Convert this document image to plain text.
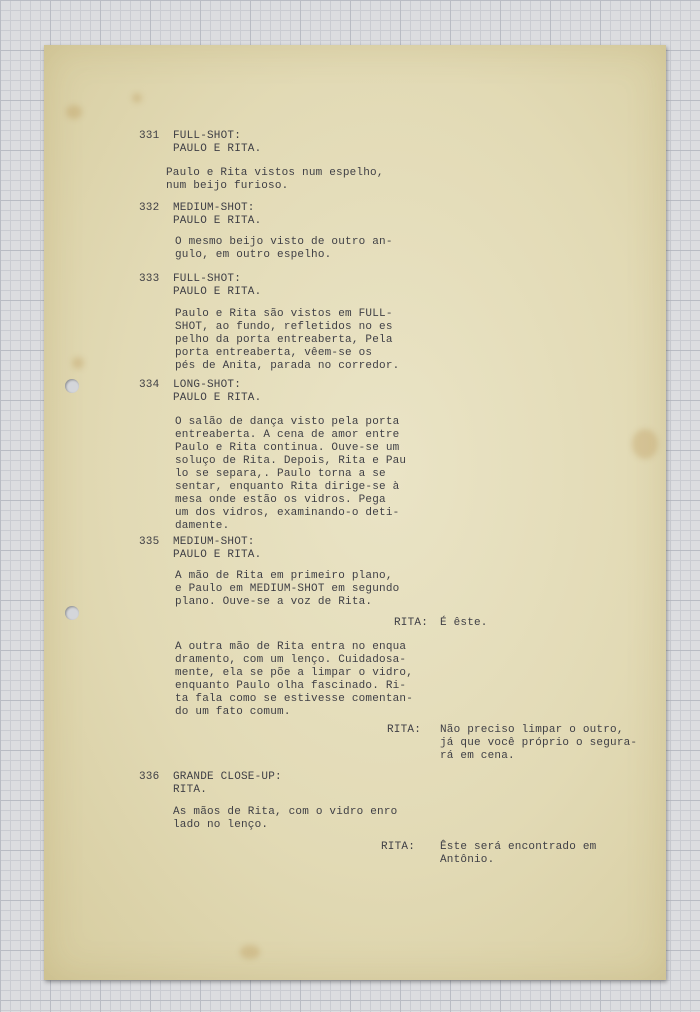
331 FULL-SHOT:
PAULO E RITA.

Paulo e Rita vistos num espelho,
num beijo furioso.

332 MEDIUM-SHOT:
PAULO E RITA.

O mesmo beijo visto de outro an-
gulo, em outro espelho.

333 FULL-SHOT:
PAULO E RITA.

Paulo e Rita são vistos em FULL-
SHOT, ao fundo, refletidos no es
pelho da porta entreaberta, Pela
porta entreaberta, vêem-se os
pés de Anita, parada no corredor.

334 LONG-SHOT:
PAULO E RITA.

O salão de dança visto pela porta
entreaberta. A cena de amor entre
Paulo e Rita continua. Ouve-se um
soluço de Rita. Depois, Rita e Pau
lo se separa,. Paulo torna a se
sentar, enquanto Rita dirige-se à
mesa onde estão os vidros. Pega
um dos vidros, examinando-o deti-
damente.

335 MEDIUM-SHOT:
PAULO E RITA.

A mão de Rita em primeiro plano,
e Paulo em MEDIUM-SHOT em segundo
plano. Ouve-se a voz de Rita.

RITA: É êste.

A outra mão de Rita entra no enqua
dramento, com um lenço. Cuidadosa-
mente, ela se põe a limpar o vidro,
enquanto Paulo olha fascinado. Ri-
ta fala como se estivesse comentan-
do um fato comum.

RITA: Não preciso limpar o outro,
já que você próprio o segura-
rá em cena.

336 GRANDE CLOSE-UP:
RITA.

As mãos de Rita, com o vidro enro
lado no lenço.

RITA: Êste será encontrado em
Antônio.
